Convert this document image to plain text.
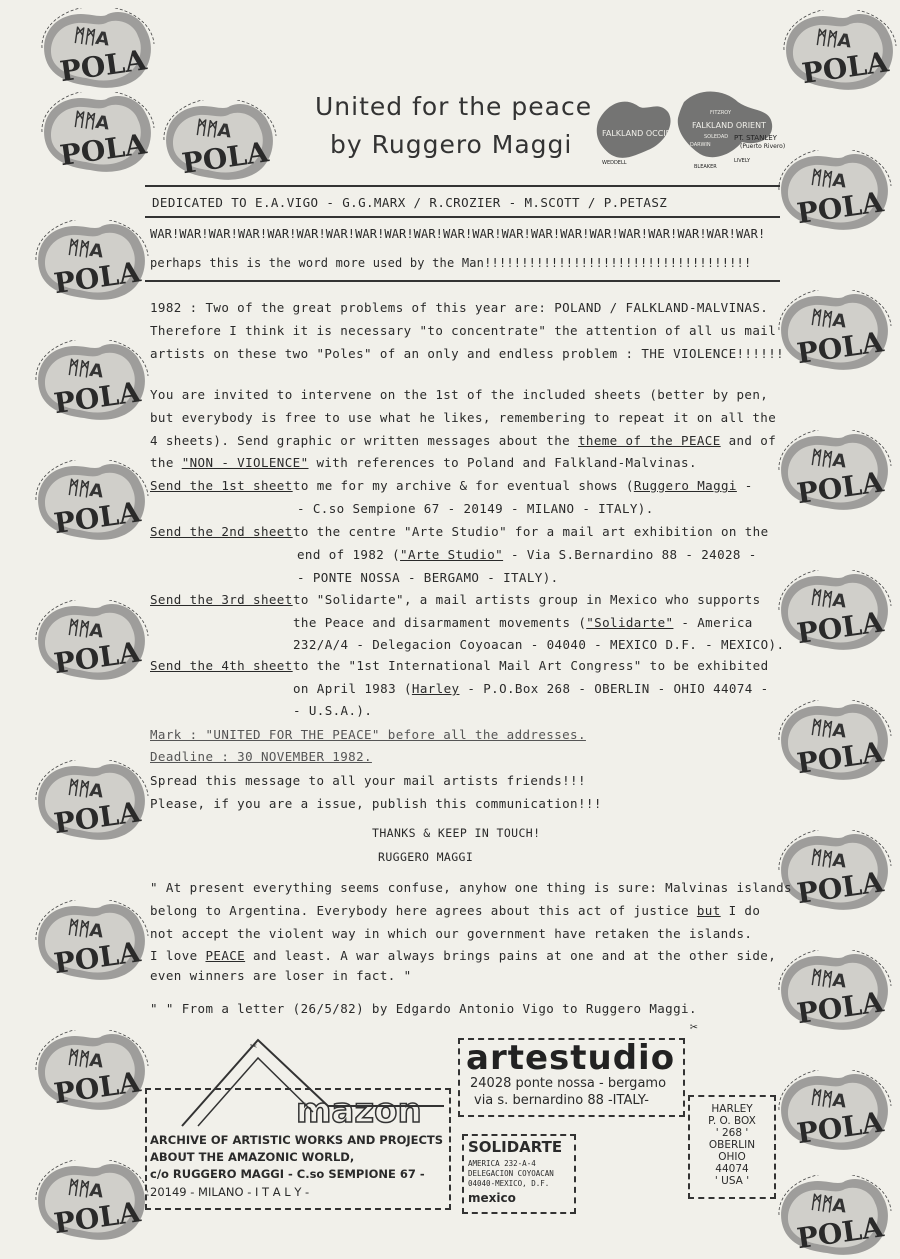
United for the peace
by Ruggero Maggi	FALKLAND OCCID.
FALKLAND ORIENT
PT. STANLEY
(Puerto Rivero)
LIVELY
FITZROY
DARWIN
BLEAKER
SOLEDAD
WEDDELL
DEDICATED TO E.A.VIGO - G.G.MARX / R.CROZIER - M.SCOTT / P.PETASZ
WAR!WAR!WAR!WAR!WAR!WAR!WAR!WAR!WAR!WAR!WAR!WAR!WAR!WAR!WAR!WAR!WAR!WAR!WAR!WAR!WAR!
perhaps this is the word more used by the Man!!!!!!!!!!!!!!!!!!!!!!!!!!!!!!!!!!!!
1982 : Two of the great problems of this year are: POLAND / FALKLAND-MALVINAS.
Therefore I think it is necessary "to concentrate" the attention of all us mail
artists on these two "Poles" of an only and endless problem : THE VIOLENCE!!!!!!
You are invited to intervene on the 1st of the included sheets (better by pen,
but everybody is free to use what he likes, remembering to repeat it on all the
4 sheets). Send graphic or written messages about the theme of the PEACE and of
the "NON - VIOLENCE" with references to Poland and Falkland-Malvinas.
Send the 1st sheet to me for my archive & for eventual shows (Ruggero Maggi -
- C.so Sempione 67 - 20149 - MILANO - ITALY).
Send the 2nd sheet to the centre "Arte Studio" for a mail art exhibition on the
end of 1982 ("Arte Studio" - Via S.Bernardino 88 - 24028 -
- PONTE NOSSA - BERGAMO - ITALY).
Send the 3rd sheet to "Solidarte", a mail artists group in Mexico who supports
the Peace and disarmament movements ("Solidarte" - America
232/A/4 - Delegacion Coyoacan - 04040 - MEXICO D.F. - MEXICO).
Send the 4th sheet to the "1st International Mail Art Congress" to be exhibited
on April 1983 (Harley - P.O.Box 268 - OBERLIN - OHIO 44074 -
- U.S.A.).
Mark : "UNITED FOR THE PEACE" before all the addresses.
Deadline : 30 NOVEMBER 1982.
Spread this message to all your mail artists friends!!!
Please, if you are a issue, publish this communication!!!
THANKS & KEEP IN TOUCH!
RUGGERO MAGGI
" At present everything seems confuse, anyhow one thing is sure: Malvinas islands
belong to Argentina. Everybody here agrees about this act of justice but I do
not accept the violent way in which our government have retaken the islands.
I love PEACE and least. A war always brings pains at one and at the other side,
even winners are loser in fact. "
" " From a letter (26/5/82) by Edgardo Antonio Vigo to Ruggero Maggi.
✂
mazon
ARCHIVE OF ARTISTIC WORKS AND PROJECTS
ABOUT THE AMAZONIC WORLD,
c/o RUGGERO MAGGI - C.so SEMPIONE 67 -
20149 - MILANO - I T A L Y -
✂
artestudio
24028 ponte nossa - bergamo
via s. bernardino 88 -ITALY-
SOLIDARTE
AMERICA 232-A-4
DELEGACION COYOACAN
04040-MEXICO, D.F.
mexico
HARLEY
P. O. BOX
' 268 '
OBERLIN
OHIO
44074
' USA '
